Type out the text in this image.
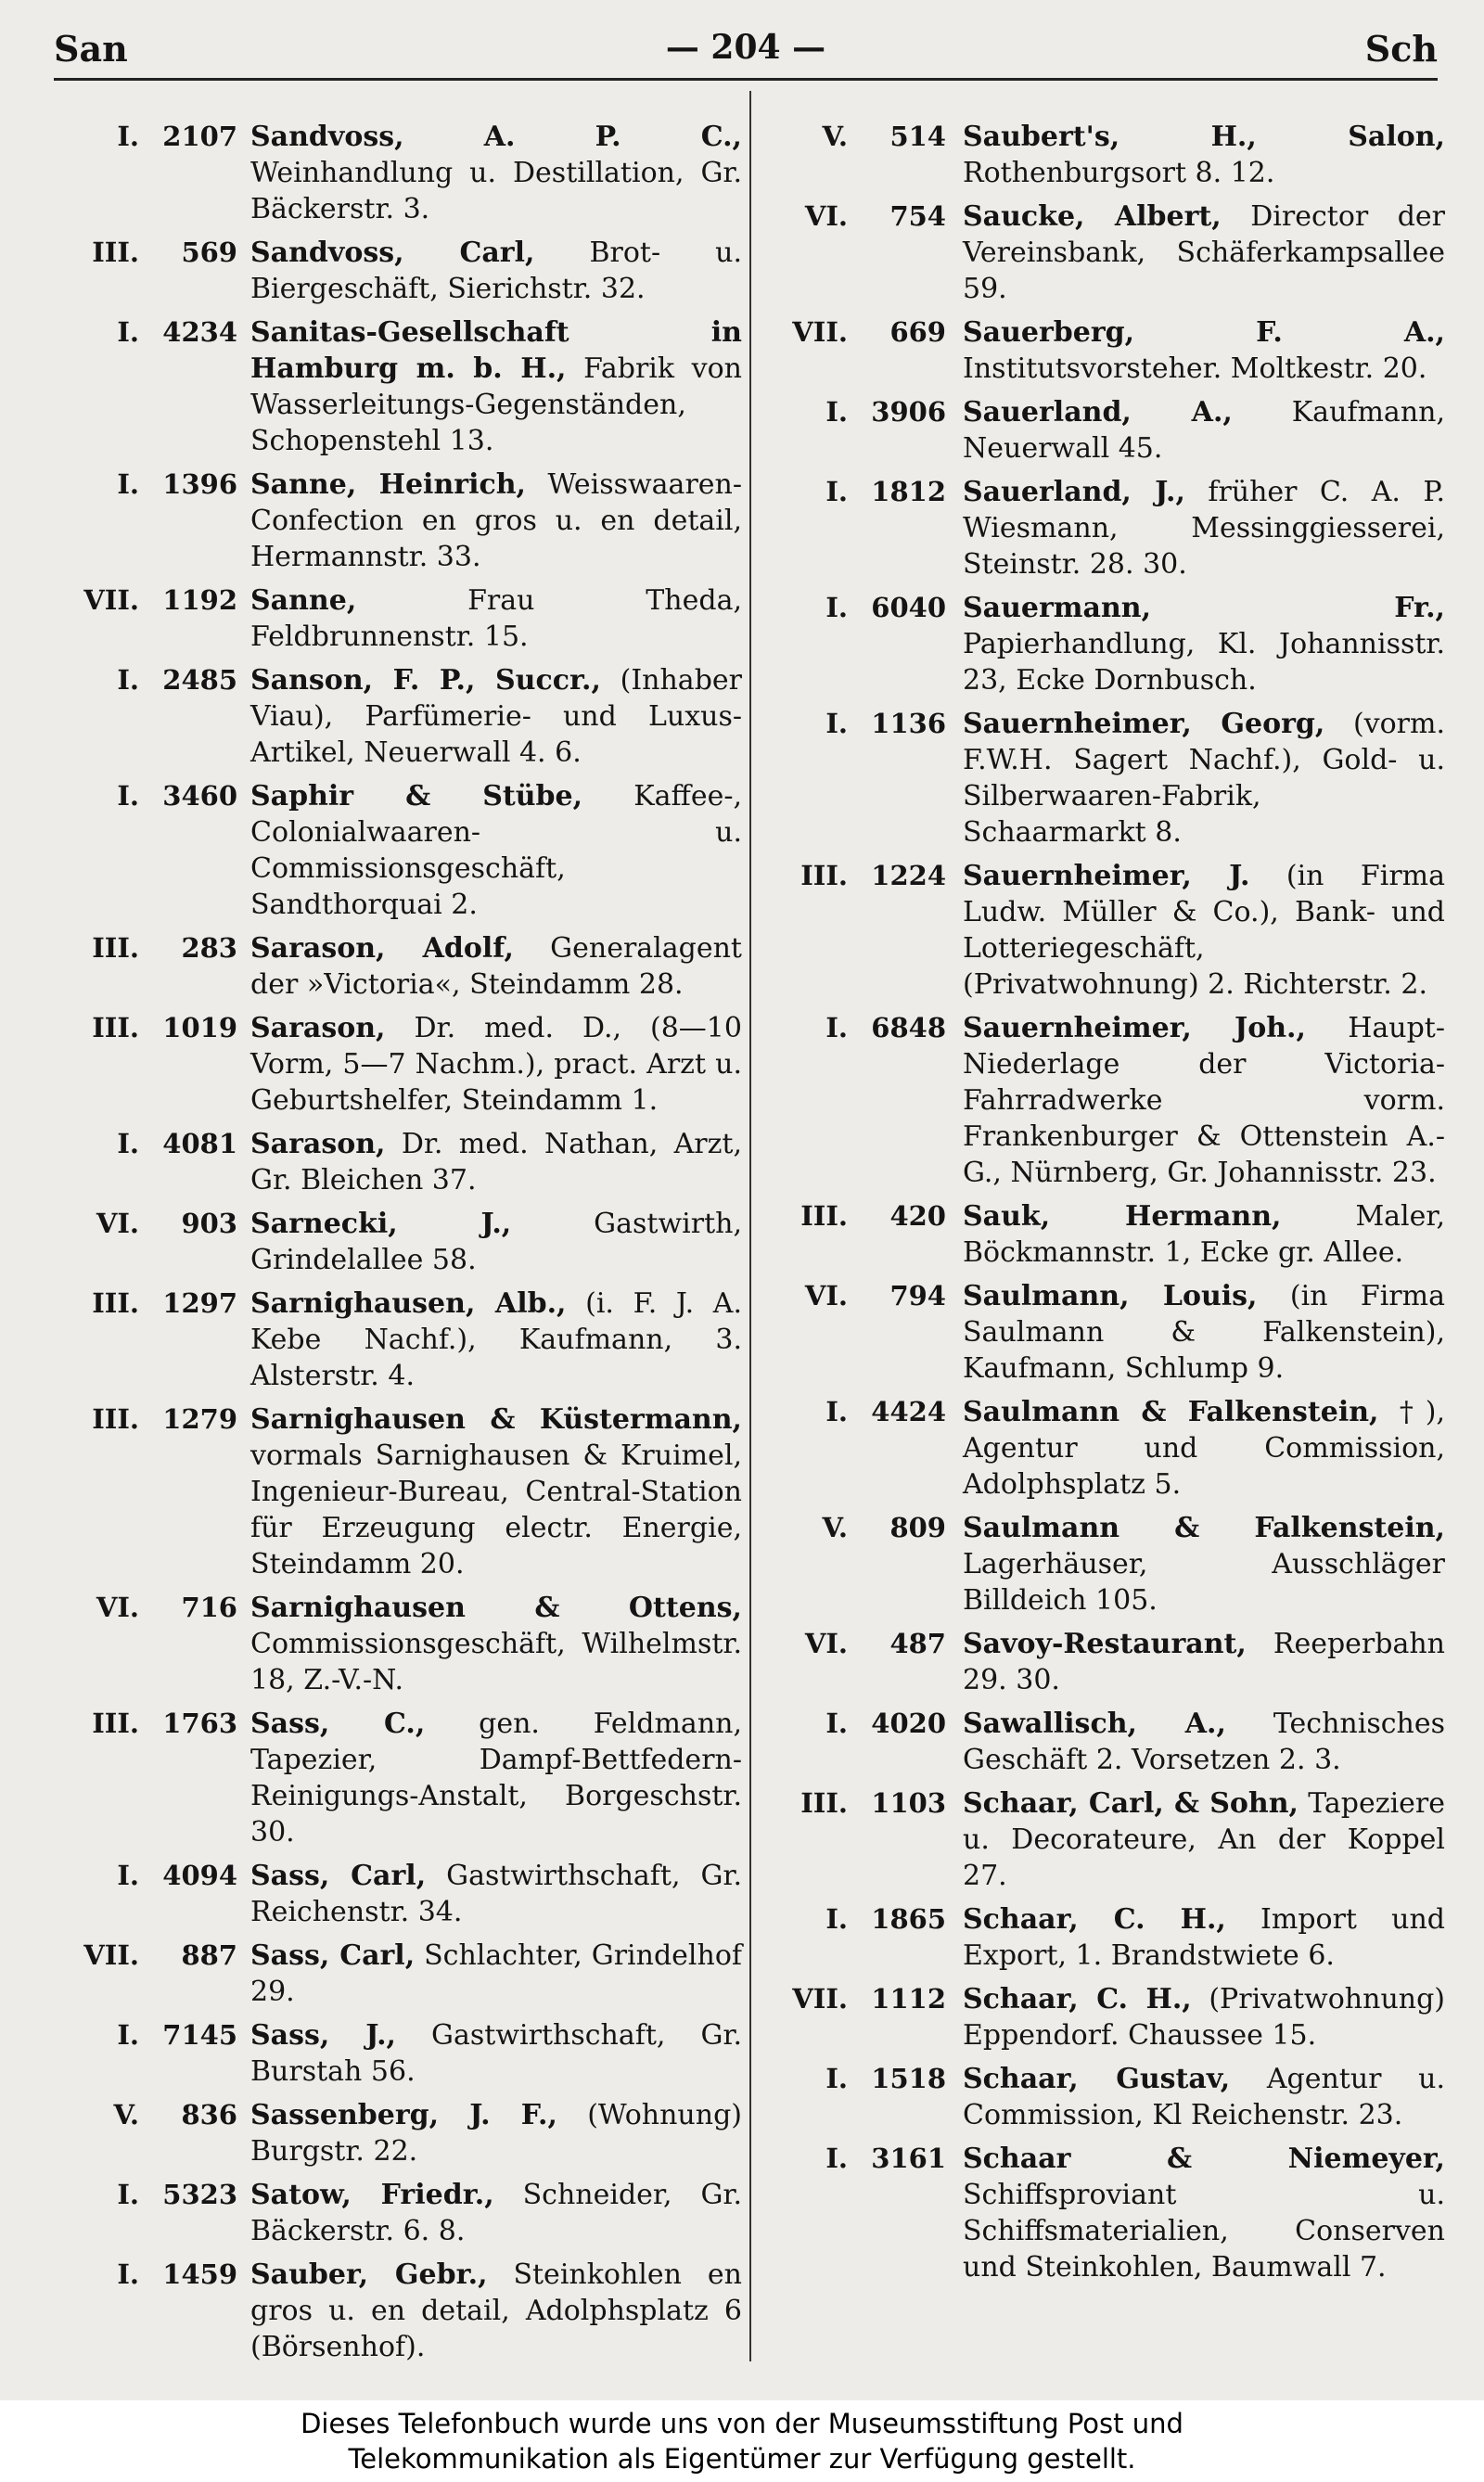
San	— 204 —	Sch
I. 2107 Sandvoss, A. P. C., Weinhandlung u. Destillation, Gr. Bäckerstr. 3.
III.	569 Sandvoss, Carl, Brot- u. Biergeschäft, Sierichstr. 32.
I. 4234 Sanitas-Gesellschaft in Hamburg m. b. H., Fabrik von Wasserleitungs-Gegenständen, Schopenstehl 13.
I. 1396 Sanne, Heinrich, Weisswaaren-Confection en gros u. en detail, Hermannstr. 33.
VII. 1192 Sanne,	Frau Theda, Feldbrunnenstr. 15.
I. 2485 Sanson, F. P., Succr., (Inhaber Viau), Parfümerie- und Luxus-Artikel, Neuerwall 4. 6.
I. 3460 Saphir & Stübe, Kaffee-, Colonialwaaren- u. Commissionsgeschäft, Sandthorquai 2.
III.	283 Sarason, Adolf, Generalagent der »Victoria«, Steindamm 28.
III. 1019 Sarason, Dr. med. D., (8—10 Vorm, 5—7 Nachm.), pract. Arzt u. Geburtshelfer, Steindamm 1.
I. 4081 Sarason, Dr. med. Nathan, Arzt, Gr. Bleichen 37.
VI.	903 Sarnecki, J.,	Gastwirth, Grindelallee 58.
III. 1297 Sarnighausen, Alb., (i. F. J. A. Kebe Nachf.), Kaufmann, 3. Alsterstr. 4.
III. 1279 Sarnighausen & Küstermann, vormals Sarnighausen & Kruimel, Ingenieur-Bureau, Central-Station für Erzeugung electr. Energie, Steindamm 20.
VI.	716 Sarnighausen & Ottens, Commissionsgeschäft, Wilhelmstr. 18, Z.-V.-N.
III. 1763 Sass, C., gen. Feldmann, Tapezier, Dampf-Bettfedern-Reinigungs-Anstalt, Borgeschstr. 30.
I. 4094 Sass, Carl, Gastwirthschaft, Gr. Reichenstr. 34.
VII.	887 Sass, Carl, Schlachter, Grindelhof 29.
I. 7145 Sass, J., Gastwirthschaft, Gr. Burstah 56.
V.	836 Sassenberg, J. F., (Wohnung) Burgstr. 22.
I. 5323 Satow, Friedr., Schneider, Gr. Bäckerstr. 6. 8.
I. 1459 Sauber, Gebr., Steinkohlen en gros u. en detail, Adolphsplatz 6 (Börsenhof).
V.	514 Saubert's, H., Salon, Rothenburgsort 8. 12.
VI.	754 Saucke, Albert, Director der Vereinsbank, Schäferkampsallee 59.
VII.	669 Sauerberg, F. A., Institutsvorsteher. Moltkestr. 20.
I. 3906 Sauerland, A., Kaufmann, Neuerwall 45.
I. 1812 Sauerland, J., früher C. A. P. Wiesmann, Messinggiesserei, Steinstr. 28. 30.
I. 6040 Sauermann, Fr., Papierhandlung, Kl. Johannisstr. 23, Ecke Dornbusch.
I. 1136 Sauernheimer, Georg, (vorm. F.W.H. Sagert Nachf.), Gold- u. Silberwaaren-Fabrik, Schaarmarkt 8.
III. 1224 Sauernheimer, J. (in Firma Ludw. Müller & Co.), Bank- und Lotteriegeschäft, (Privatwohnung) 2. Richterstr. 2.
I. 6848 Sauernheimer, Joh., Haupt-Niederlage der Victoria-Fahrradwerke vorm. Frankenburger & Ottenstein A.-G., Nürnberg, Gr. Johannisstr. 23.
III.	420 Sauk, Hermann,	Maler, Böckmannstr. 1, Ecke gr. Allee.
VI.	794 Saulmann, Louis, (in Firma Saulmann & Falkenstein), Kaufmann, Schlump 9.
I. 4424 Saulmann & Falkenstein, †), Agentur und Commission, Adolphsplatz 5.
V.	809 Saulmann & Falkenstein, Lagerhäuser, Ausschläger Billdeich 105.
VI.	487 Savoy-Restaurant, Reeperbahn 29. 30.
I. 4020 Sawallisch, A., Technisches Geschäft 2. Vorsetzen 2. 3.
III. 1103 Schaar, Carl, & Sohn, Tapeziere u. Decorateure, An der Koppel 27.
I. 1865 Schaar, C. H., Import und Export, 1. Brandstwiete 6.
VII. 1112 Schaar, C. H., (Privatwohnung) Eppendorf. Chaussee 15.
I. 1518 Schaar, Gustav, Agentur u. Commission, Kl Reichenstr. 23.
I. 3161 Schaar & Niemeyer, Schiffsproviant u. Schiffsmaterialien, Conserven und Steinkohlen, Baumwall 7.
Dieses Telefonbuch wurde uns von der Museumsstiftung Post und
Telekommunikation als Eigentümer zur Verfügung gestellt.
